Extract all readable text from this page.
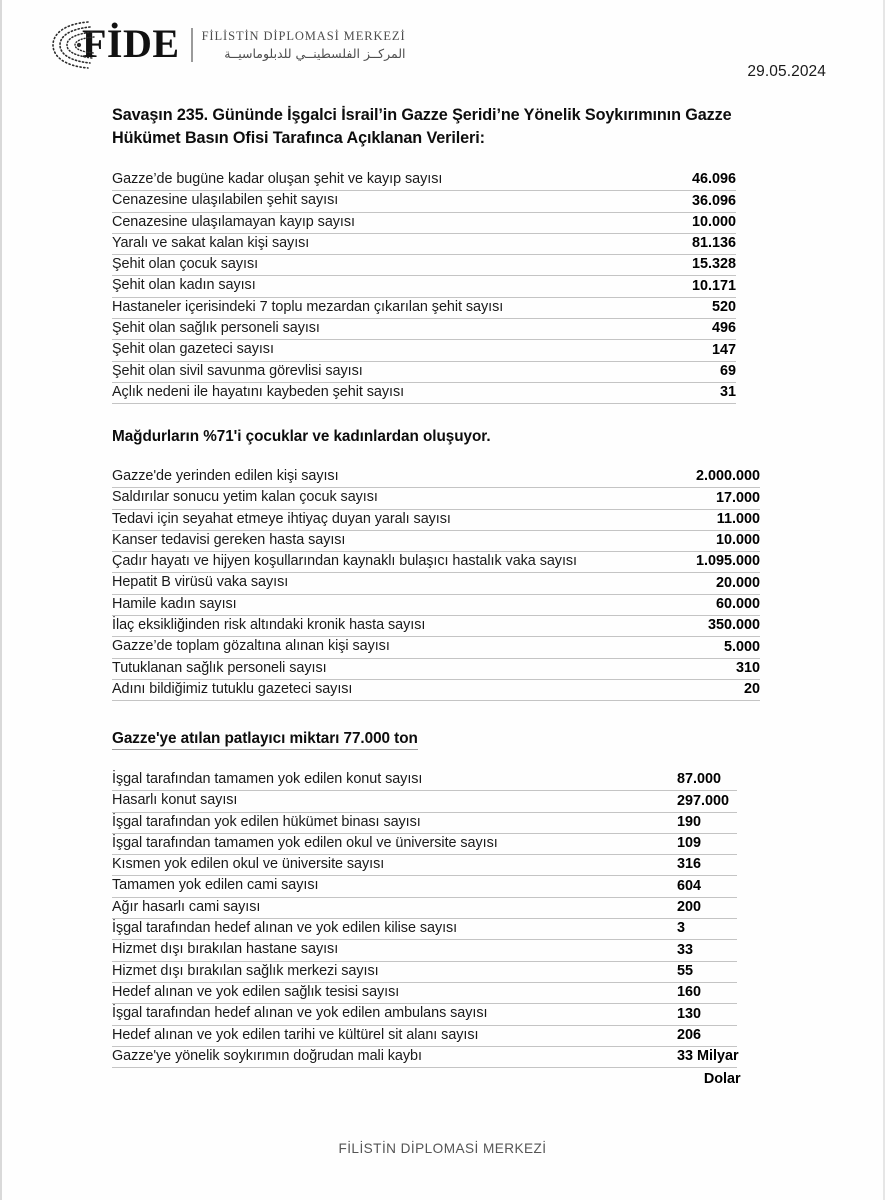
FİDE FİLİSTİN DİPLOMASİ MERKEZİ
المركــز الفلسطينــي للدبلوماسيــة
29.05.2024
Savaşın 235. Gününde İşgalci İsrail’in Gazze Şeridi’ne Yönelik Soykırımının Gazze Hükümet Basın Ofisi Tarafınca Açıklanan Verileri:
Gazze’de bugüne kadar oluşan şehit ve kayıp sayısı	46.096
Cenazesine ulaşılabilen şehit sayısı	36.096
Cenazesine ulaşılamayan kayıp sayısı	10.000
Yaralı ve sakat kalan kişi sayısı	81.136
Şehit olan çocuk sayısı	15.328
Şehit olan kadın sayısı	10.171
Hastaneler içerisindeki 7 toplu mezardan çıkarılan şehit sayısı	520
Şehit olan sağlık personeli sayısı	496
Şehit olan gazeteci sayısı	147
Şehit olan sivil savunma görevlisi sayısı	69
Açlık nedeni ile hayatını kaybeden şehit sayısı	31
Mağdurların %71'i çocuklar ve kadınlardan oluşuyor.
Gazze'de yerinden edilen kişi sayısı	2.000.000
Saldırılar sonucu yetim kalan çocuk sayısı	17.000
Tedavi için seyahat etmeye ihtiyaç duyan yaralı sayısı	11.000
Kanser tedavisi gereken hasta sayısı	10.000
Çadır hayatı ve hijyen koşullarından kaynaklı bulaşıcı hastalık vaka sayısı	1.095.000
Hepatit B virüsü vaka sayısı	20.000
Hamile kadın sayısı	60.000
İlaç eksikliğinden risk altındaki kronik hasta sayısı	350.000
Gazze’de toplam gözaltına alınan kişi sayısı	5.000
Tutuklanan sağlık personeli sayısı	310
Adını bildiğimiz tutuklu gazeteci sayısı	20
Gazze'ye atılan patlayıcı miktarı 77.000 ton
İşgal tarafından tamamen yok edilen konut sayısı	87.000
Hasarlı konut sayısı	297.000
İşgal tarafından yok edilen hükümet binası sayısı	190
İşgal tarafından tamamen yok edilen okul ve üniversite sayısı	109
Kısmen yok edilen okul ve üniversite sayısı	316
Tamamen yok edilen cami sayısı	604
Ağır hasarlı cami sayısı	200
İşgal tarafından hedef alınan ve yok edilen kilise sayısı	3
Hizmet dışı bırakılan hastane sayısı	33
Hizmet dışı bırakılan sağlık merkezi sayısı	55
Hedef alınan ve yok edilen sağlık tesisi sayısı	160
İşgal tarafından hedef alınan ve yok edilen ambulans sayısı	130
Hedef alınan ve yok edilen tarihi ve kültürel sit alanı sayısı	206
Gazze'ye yönelik soykırımın doğrudan mali kaybı	33 Milyar
Dolar
FİLİSTİN DİPLOMASİ MERKEZİ
